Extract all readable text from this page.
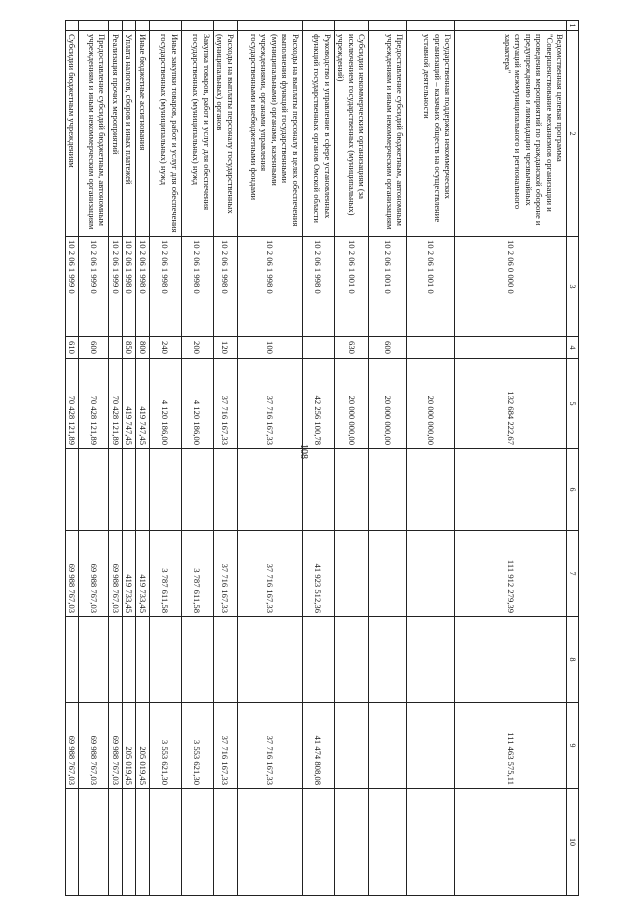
108
1	2	3	4	5	6	7	8	9	10
	Ведомственная целевая программа "Совершенствование механизмов организации и проведения мероприятий по гражданской обороне и предупреждению и ликвидации чрезвычайных ситуаций межмуниципального и регионального характера"	10 2 06 0 000 0		132 684 222,67		111 912 279,39		111 463 575,11	
	Государственная поддержка некоммерческих организаций – казачьих обществ на осуществление уставной деятельности	10 2 06 1 001 0		20 000 000,00					
	Предоставление субсидий бюджетным, автономным учреждениям и иным некоммерческим организациям	10 2 06 1 001 0	600	20 000 000,00					
	Субсидии некоммерческим организациям (за исключением государственных (муниципальных) учреждений)	10 2 06 1 001 0	630	20 000 000,00					
	Руководство и управление в сфере установленных функций государственных органов Омской области	10 2 06 1 998 0		42 256 100,78		41 923 512,36		41 474 808,08	
	Расходы на выплаты персоналу в целях обеспечения выполнения функций государственными (муниципальными) органами, казенными учреждениями, органами управления государственными внебюджетными фондами	10 2 06 1 998 0	100	37 716 167,33		37 716 167,33		37 716 167,33	
	Расходы на выплаты персоналу государственных (муниципальных) органов	10 2 06 1 998 0	120	37 716 167,33		37 716 167,33		37 716 167,33	
	Закупка товаров, работ и услуг для обеспечения государственных (муниципальных) нужд	10 2 06 1 998 0	200	4 120 186,00		3 787 611,58		3 553 621,30	
	Иные закупки товаров, работ и услуг для обеспечения государственных (муниципальных) нужд	10 2 06 1 998 0	240	4 120 186,00		3 787 611,58		3 553 621,30	
	Иные бюджетные ассигнования	10 2 06 1 998 0	800	419 747,45		419 733,45		205 019,45	
	Уплата налогов, сборов и иных платежей	10 2 06 1 998 0	850	419 747,45		419 733,45		205 019,45	
	Реализация прочих мероприятий	10 2 06 1 999 0		70 428 121,89		69 988 767,03		69 988 767,03	
	Предоставление субсидий бюджетным, автономным учреждениям и иным некоммерческим организациям	10 2 06 1 999 0	600	70 428 121,89		69 988 767,03		69 988 767,03	
	Субсидии бюджетным учреждениям	10 2 06 1 999 0	610	70 428 121,89		69 988 767,03		69 988 767,03	
